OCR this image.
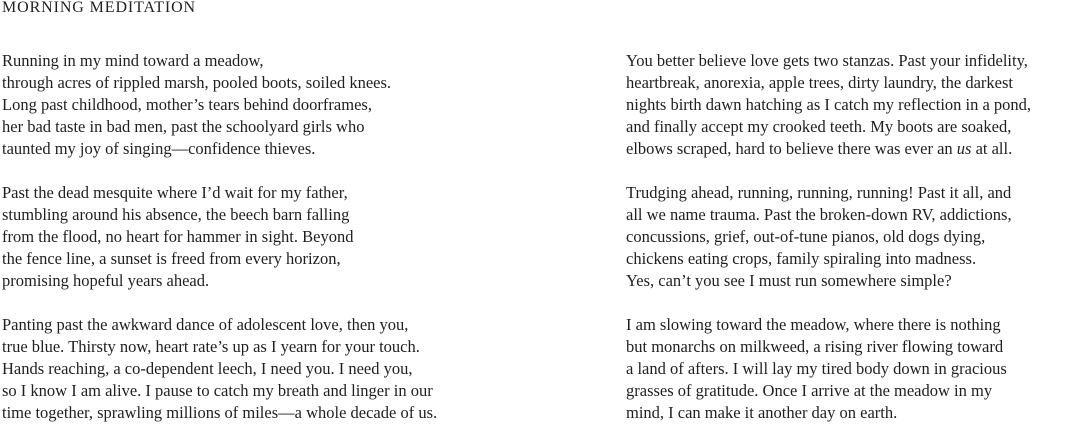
MORNING MEDITATION
Running in my mind toward a meadow,
through acres of rippled marsh, pooled boots, soiled knees.
Long past childhood, mother’s tears behind doorframes,
her bad taste in bad men, past the schoolyard girls who
taunted my joy of singing—confidence thieves.
Past the dead mesquite where I’d wait for my father,
stumbling around his absence, the beech barn falling
from the flood, no heart for hammer in sight. Beyond
the fence line, a sunset is freed from every horizon,
promising hopeful years ahead.
Panting past the awkward dance of adolescent love, then you,
true blue. Thirsty now, heart rate’s up as I yearn for your touch.
Hands reaching, a co-dependent leech, I need you. I need you,
so I know I am alive. I pause to catch my breath and linger in our
time together, sprawling millions of miles—a whole decade of us.
You better believe love gets two stanzas. Past your infidelity,
heartbreak, anorexia, apple trees, dirty laundry, the darkest
nights birth dawn hatching as I catch my reflection in a pond,
and finally accept my crooked teeth. My boots are soaked,
elbows scraped, hard to believe there was ever an us at all.
Trudging ahead, running, running, running! Past it all, and
all we name trauma. Past the broken-down RV, addictions,
concussions, grief, out-of-tune pianos, old dogs dying,
chickens eating crops, family spiraling into madness.
Yes, can’t you see I must run somewhere simple?
I am slowing toward the meadow, where there is nothing
but monarchs on milkweed, a rising river flowing toward
a land of afters. I will lay my tired body down in gracious
grasses of gratitude. Once I arrive at the meadow in my
mind, I can make it another day on earth.
